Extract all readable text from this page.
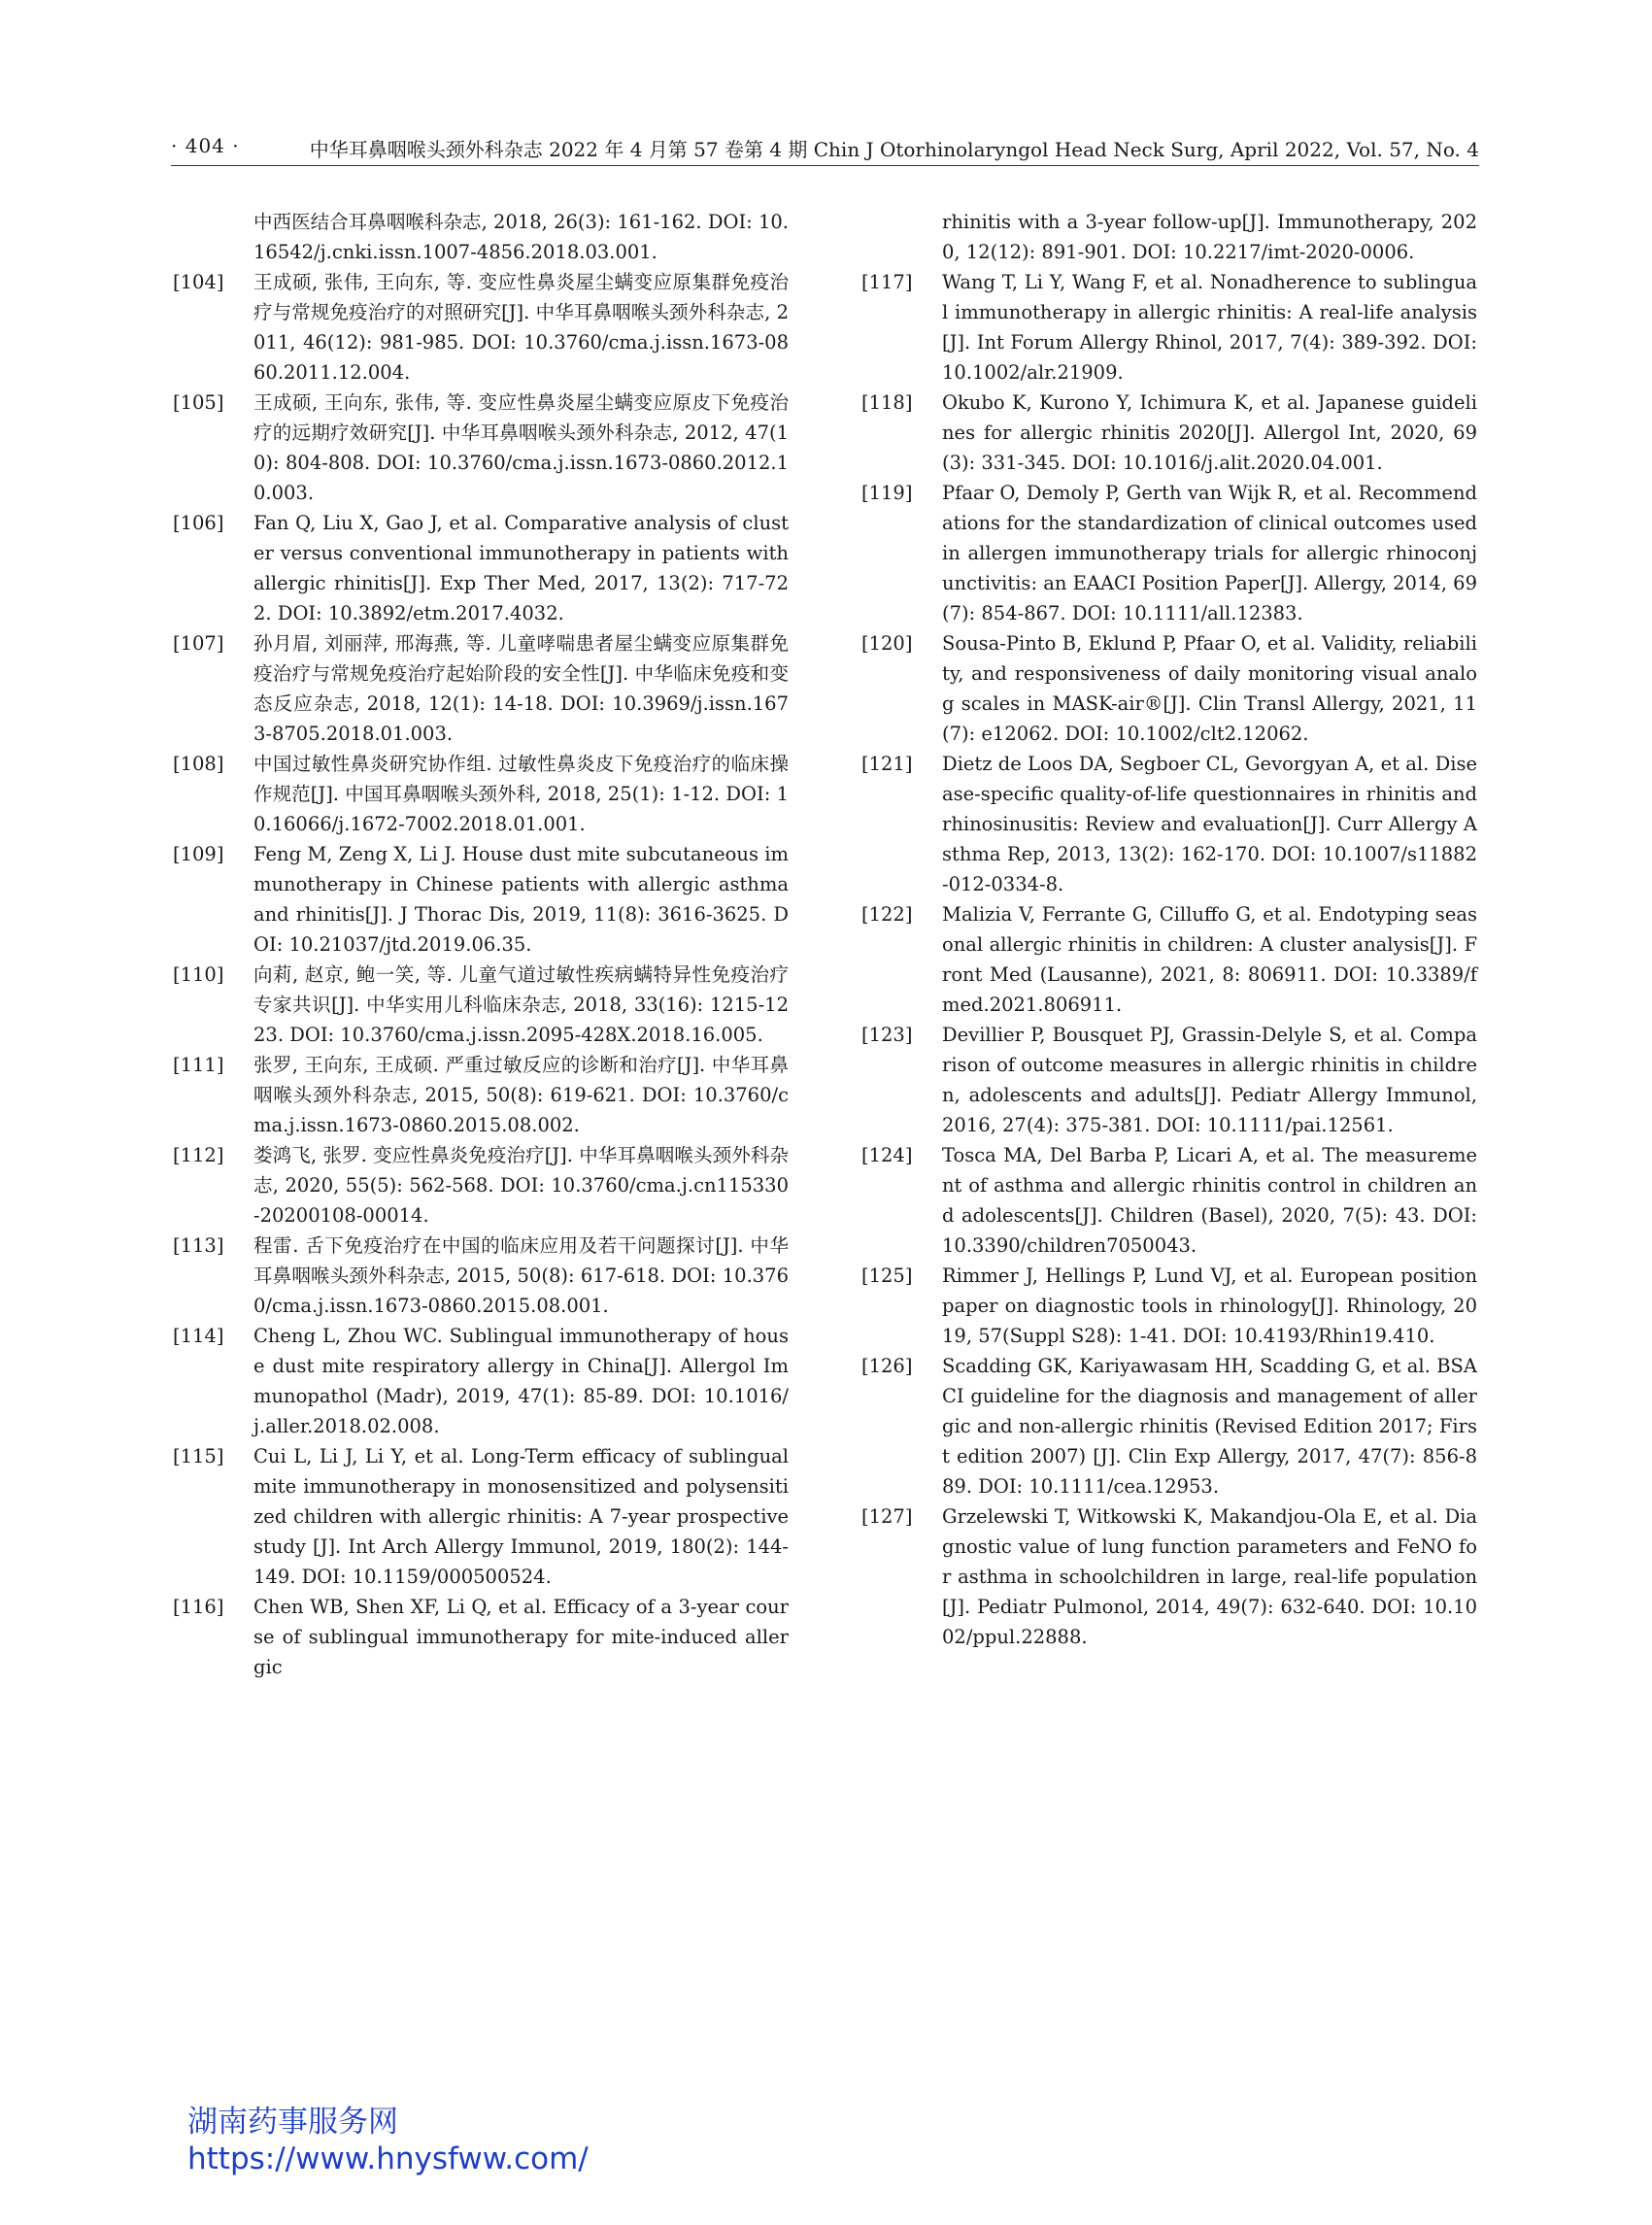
· 404 ·	中华耳鼻咽喉头颈外科杂志 2022 年 4 月第 57 卷第 4 期 Chin J Otorhinolaryngol Head Neck Surg, April 2022, Vol. 57, No. 4
中西医结合耳鼻咽喉科杂志, 2018, 26(3): 161-162. DOI: 10.16542/j.cnki.issn.1007-4856.2018.03.001.
[104] 王成硕, 张伟, 王向东, 等. 变应性鼻炎屋尘螨变应原集群免疫治疗与常规免疫治疗的对照研究[J]. 中华耳鼻咽喉头颈外科杂志, 2011, 46(12): 981-985. DOI: 10.3760/cma.j.issn.1673-0860.2011.12.004.
[105] 王成硕, 王向东, 张伟, 等. 变应性鼻炎屋尘螨变应原皮下免疫治疗的远期疗效研究[J]. 中华耳鼻咽喉头颈外科杂志, 2012, 47(10): 804-808. DOI: 10.3760/cma.j.issn.1673-0860.2012.10.003.
[106] Fan Q, Liu X, Gao J, et al. Comparative analysis of cluster versus conventional immunotherapy in patients with allergic rhinitis[J]. Exp Ther Med, 2017, 13(2): 717-722. DOI: 10.3892/etm.2017.4032.
[107] 孙月眉, 刘丽萍, 邢海燕, 等. 儿童哮喘患者屋尘螨变应原集群免疫治疗与常规免疫治疗起始阶段的安全性[J]. 中华临床免疫和变态反应杂志, 2018, 12(1): 14-18. DOI: 10.3969/j.issn.1673-8705.2018.01.003.
[108] 中国过敏性鼻炎研究协作组. 过敏性鼻炎皮下免疫治疗的临床操作规范[J]. 中国耳鼻咽喉头颈外科, 2018, 25(1): 1-12. DOI: 10.16066/j.1672-7002.2018.01.001.
[109] Feng M, Zeng X, Li J. House dust mite subcutaneous immunotherapy in Chinese patients with allergic asthma and rhinitis[J]. J Thorac Dis, 2019, 11(8): 3616-3625. DOI: 10.21037/jtd.2019.06.35.
[110] 向莉, 赵京, 鲍一笑, 等. 儿童气道过敏性疾病螨特异性免疫治疗专家共识[J]. 中华实用儿科临床杂志, 2018, 33(16): 1215-1223. DOI: 10.3760/cma.j.issn.2095-428X.2018.16.005.
[111] 张罗, 王向东, 王成硕. 严重过敏反应的诊断和治疗[J]. 中华耳鼻咽喉头颈外科杂志, 2015, 50(8): 619-621. DOI: 10.3760/cma.j.issn.1673-0860.2015.08.002.
[112] 娄鸿飞, 张罗. 变应性鼻炎免疫治疗[J]. 中华耳鼻咽喉头颈外科杂志, 2020, 55(5): 562-568. DOI: 10.3760/cma.j.cn115330-20200108-00014.
[113] 程雷. 舌下免疫治疗在中国的临床应用及若干问题探讨[J]. 中华耳鼻咽喉头颈外科杂志, 2015, 50(8): 617-618. DOI: 10.3760/cma.j.issn.1673-0860.2015.08.001.
[114] Cheng L, Zhou WC. Sublingual immunotherapy of house dust mite respiratory allergy in China[J]. Allergol Immunopathol (Madr), 2019, 47(1): 85-89. DOI: 10.1016/j.aller.2018.02.008.
[115] Cui L, Li J, Li Y, et al. Long-Term efficacy of sublingual mite immunotherapy in monosensitized and polysensitized children with allergic rhinitis: A 7-year prospective study [J]. Int Arch Allergy Immunol, 2019, 180(2): 144-149. DOI: 10.1159/000500524.
[116] Chen WB, Shen XF, Li Q, et al. Efficacy of a 3-year course of sublingual immunotherapy for mite-induced allergic
rhinitis with a 3-year follow-up[J]. Immunotherapy, 2020, 12(12): 891-901. DOI: 10.2217/imt-2020-0006.
[117] Wang T, Li Y, Wang F, et al. Nonadherence to sublingual immunotherapy in allergic rhinitis: A real-life analysis[J]. Int Forum Allergy Rhinol, 2017, 7(4): 389-392. DOI: 10.1002/alr.21909.
[118] Okubo K, Kurono Y, Ichimura K, et al. Japanese guidelines for allergic rhinitis 2020[J]. Allergol Int, 2020, 69(3): 331-345. DOI: 10.1016/j.alit.2020.04.001.
[119] Pfaar O, Demoly P, Gerth van Wijk R, et al. Recommendations for the standardization of clinical outcomes used in allergen immunotherapy trials for allergic rhinoconjunctivitis: an EAACI Position Paper[J]. Allergy, 2014, 69(7): 854-867. DOI: 10.1111/all.12383.
[120] Sousa-Pinto B, Eklund P, Pfaar O, et al. Validity, reliability, and responsiveness of daily monitoring visual analog scales in MASK-air®[J]. Clin Transl Allergy, 2021, 11(7): e12062. DOI: 10.1002/clt2.12062.
[121] Dietz de Loos DA, Segboer CL, Gevorgyan A, et al. Disease-specific quality-of-life questionnaires in rhinitis and rhinosinusitis: Review and evaluation[J]. Curr Allergy Asthma Rep, 2013, 13(2): 162-170. DOI: 10.1007/s11882-012-0334-8.
[122] Malizia V, Ferrante G, Cilluffo G, et al. Endotyping seasonal allergic rhinitis in children: A cluster analysis[J]. Front Med (Lausanne), 2021, 8: 806911. DOI: 10.3389/fmed.2021.806911.
[123] Devillier P, Bousquet PJ, Grassin-Delyle S, et al. Comparison of outcome measures in allergic rhinitis in children, adolescents and adults[J]. Pediatr Allergy Immunol, 2016, 27(4): 375-381. DOI: 10.1111/pai.12561.
[124] Tosca MA, Del Barba P, Licari A, et al. The measurement of asthma and allergic rhinitis control in children and adolescents[J]. Children (Basel), 2020, 7(5): 43. DOI: 10.3390/children7050043.
[125] Rimmer J, Hellings P, Lund VJ, et al. European position paper on diagnostic tools in rhinology[J]. Rhinology, 2019, 57(Suppl S28): 1-41. DOI: 10.4193/Rhin19.410.
[126] Scadding GK, Kariyawasam HH, Scadding G, et al. BSACI guideline for the diagnosis and management of allergic and non-allergic rhinitis (Revised Edition 2017; First edition 2007) [J]. Clin Exp Allergy, 2017, 47(7): 856-889. DOI: 10.1111/cea.12953.
[127] Grzelewski T, Witkowski K, Makandjou-Ola E, et al. Diagnostic value of lung function parameters and FeNO for asthma in schoolchildren in large, real-life population [J]. Pediatr Pulmonol, 2014, 49(7): 632-640. DOI: 10.1002/ppul.22888.
湖南药事服务网
https://www.hnysfww.com/
